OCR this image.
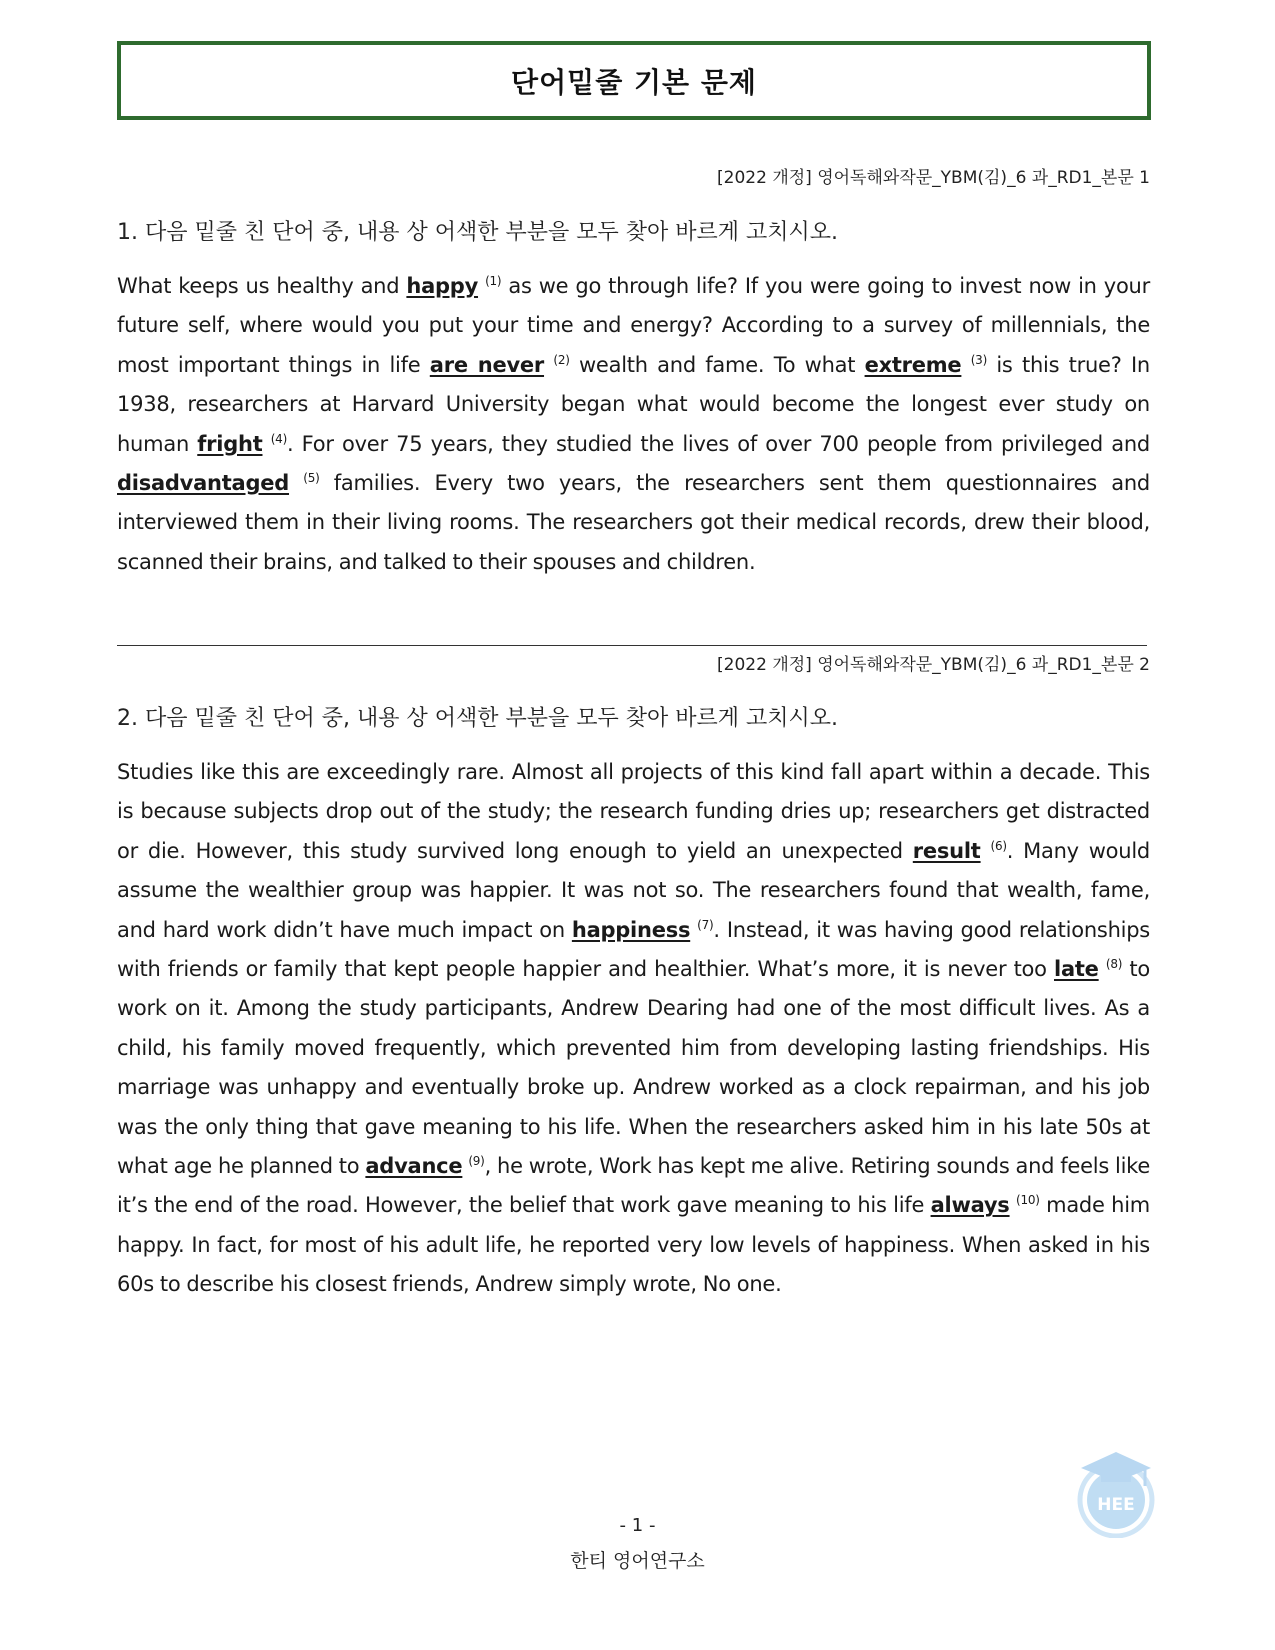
단어밑줄 기본 문제
[2022 개정] 영어독해와작문_YBM(김)_6 과_RD1_본문 1
1. 다음 밑줄 친 단어 중, 내용 상 어색한 부분을 모두 찾아 바르게 고치시오.

What keeps us healthy and happy $^{(1)}$ as we go through life? If you were going to invest now in your future self, where would you put your time and energy? According to a survey of millennials, the most important things in life are never $^{(2)}$ wealth and fame. To what extreme $^{(3)}$ is this true? In 1938, researchers at Harvard University began what would become the longest ever study on human fright $^{(4)}$. For over 75 years, they studied the lives of over 700 people from privileged and disadvantaged $^{(5)}$ families. Every two years, the researchers sent them questionnaires and interviewed them in their living rooms. The researchers got their medical records, drew their blood, scanned their brains, and talked to their spouses and children.

[2022 개정] 영어독해와작문_YBM(김)_6 과_RD1_본문 2
2. 다음 밑줄 친 단어 중, 내용 상 어색한 부분을 모두 찾아 바르게 고치시오.

Studies like this are exceedingly rare. Almost all projects of this kind fall apart within a decade. This is because subjects drop out of the study; the research funding dries up; researchers get distracted or die. However, this study survived long enough to yield an unexpected result $^{(6)}$. Many would assume the wealthier group was happier. It was not so. The researchers found that wealth, fame, and hard work didn’t have much impact on happiness $^{(7)}$. Instead, it was having good relationships with friends or family that kept people happier and healthier. What’s more, it is never too late $^{(8)}$ to work on it. Among the study participants, Andrew Dearing had one of the most difficult lives. As a child, his family moved frequently, which prevented him from developing lasting friendships. His marriage was unhappy and eventually broke up. Andrew worked as a clock repairman, and his job was the only thing that gave meaning to his life. When the researchers asked him in his late 50s at what age he planned to advance $^{(9)}$, he wrote, Work has kept me alive. Retiring sounds and feels like it’s the end of the road. However, the belief that work gave meaning to his life always $^{(10)}$ made him happy. In fact, for most of his adult life, he reported very low levels of happiness. When asked in his 60s to describe his closest friends, Andrew simply wrote, No one.

- 1 -
한티 영어연구소
HEE
